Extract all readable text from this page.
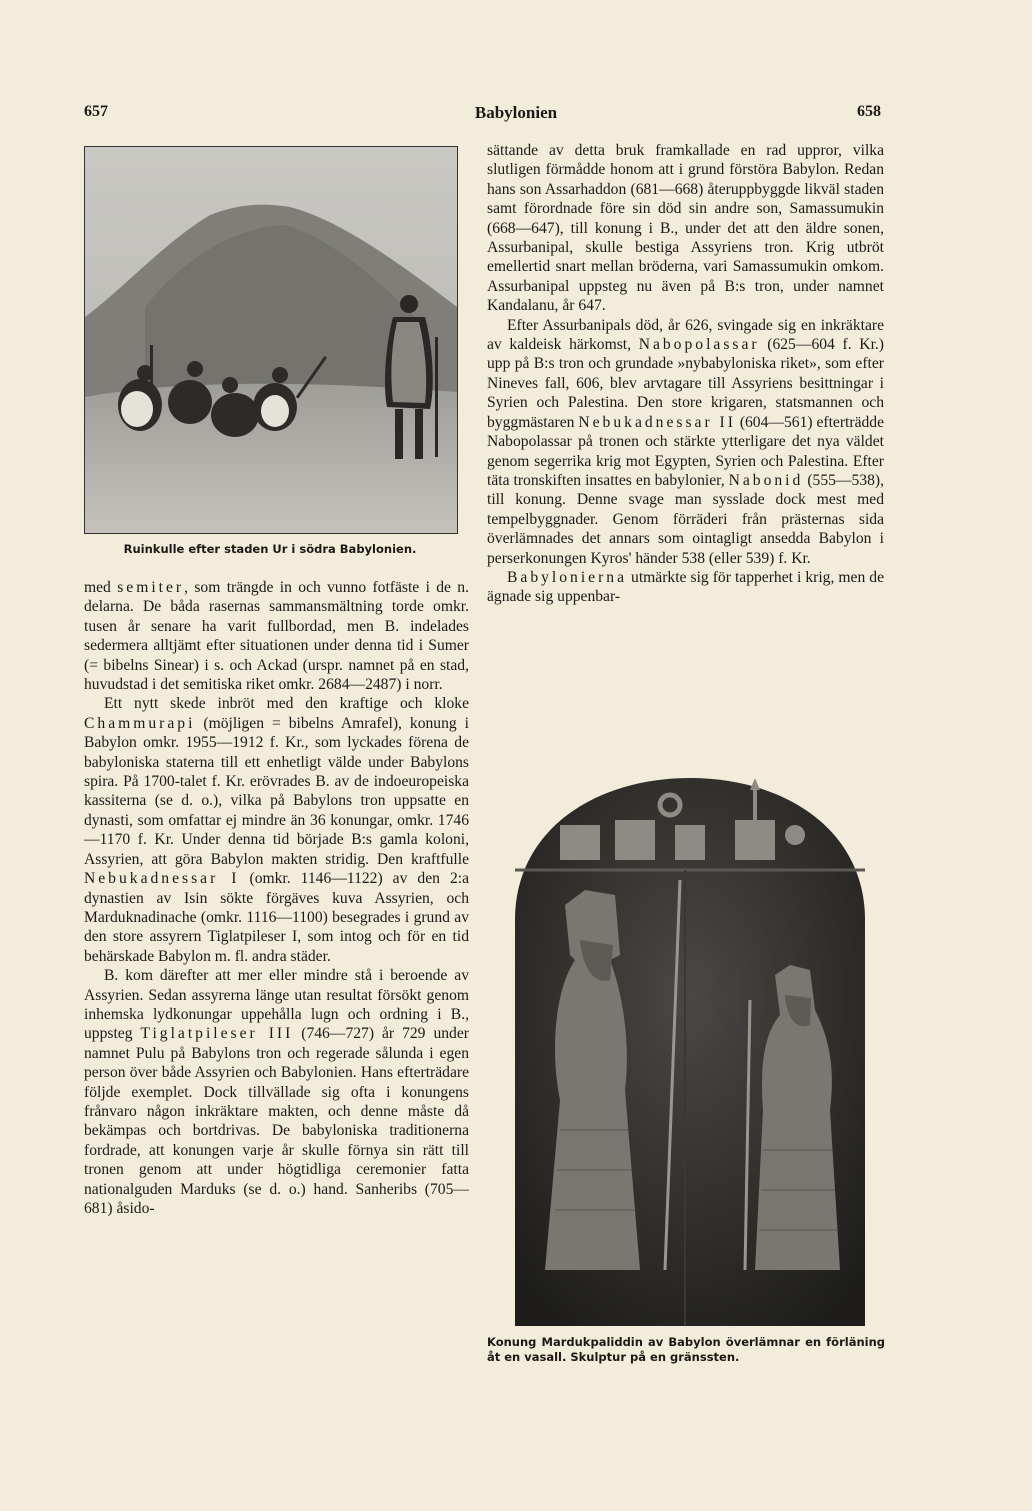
657	Babylonien	658
Ruinkulle efter staden Ur i södra Babylonien.

med semiter, som trängde in och vunno fotfäste i de n. delarna. De båda rasernas sammansmältning torde omkr. tusen år senare ha varit fullbordad, men B. indelades sedermera alltjämt efter situationen under denna tid i Sumer (= bibelns Sinear) i s. och Ackad (urspr. namnet på en stad, huvudstad i det semitiska riket omkr. 2684—2487) i norr.

Ett nytt skede inbröt med den kraftige och kloke Chammurapi (möjligen = bibelns Amrafel), konung i Babylon omkr. 1955—1912 f. Kr., som lyckades förena de babyloniska staterna till ett enhetligt välde under Babylons spira. På 1700-talet f. Kr. erövrades B. av de indoeuropeiska kassiterna (se d. o.), vilka på Babylons tron uppsatte en dynasti, som omfattar ej mindre än 36 konungar, omkr. 1746—1170 f. Kr. Under denna tid började B:s gamla koloni, Assyrien, att göra Babylon makten stridig. Den kraftfulle Nebukadnessar I (omkr. 1146—1122) av den 2:a dynastien av Isin sökte förgäves kuva Assyrien, och Marduknadinache (omkr. 1116—1100) besegrades i grund av den store assyrern Tiglatpileser I, som intog och för en tid behärskade Babylon m. fl. andra städer.

B. kom därefter att mer eller mindre stå i beroende av Assyrien. Sedan assyrerna länge utan resultat försökt genom inhemska lydkonungar uppehålla lugn och ordning i B., uppsteg Tiglatpileser III (746—727) år 729 under namnet Pulu på Babylons tron och regerade sålunda i egen person över både Assyrien och Babylonien. Hans efterträdare följde exemplet. Dock tillvällade sig ofta i konungens frånvaro någon inkräktare makten, och denne måste då bekämpas och bortdrivas. De babyloniska traditionerna fordrade, att konungen varje år skulle förnya sin rätt till tronen genom att under högtidliga ceremonier fatta nationalguden Marduks (se d. o.) hand. Sanheribs (705—681) åsido-

sättande av detta bruk framkallade en rad uppror, vilka slutligen förmådde honom att i grund förstöra Babylon. Redan hans son Assarhaddon (681—668) återuppbyggde likväl staden samt förordnade före sin död sin andre son, Samassumukin (668—647), till konung i B., under det att den äldre sonen, Assurbanipal, skulle bestiga Assyriens tron. Krig utbröt emellertid snart mellan bröderna, vari Samassumukin omkom. Assurbanipal uppsteg nu även på B:s tron, under namnet Kandalanu, år 647.

Efter Assurbanipals död, år 626, svingade sig en inkräktare av kaldeisk härkomst, Nabopolassar (625—604 f. Kr.) upp på B:s tron och grundade »nybabyloniska riket», som efter Nineves fall, 606, blev arvtagare till Assyriens besittningar i Syrien och Palestina. Den store krigaren, statsmannen och byggmästaren Nebukadnessar II (604—561) efterträdde Nabopolassar på tronen och stärkte ytterligare det nya väldet genom segerrika krig mot Egypten, Syrien och Palestina. Efter täta tronskiften insattes en babylonier, Nabonid (555—538), till konung. Denne svage man sysslade dock mest med tempelbyggnader. Genom förräderi från prästernas sida överlämnades det annars som ointagligt ansedda Babylon i perserkonungen Kyros' händer 538 (eller 539) f. Kr.

Babylonierna utmärkte sig för tapperhet i krig, men de ägnade sig uppenbar-

Konung Mardukpaliddin av Babylon överlämnar en förläning åt en vasall. Skulptur på en gränssten.
